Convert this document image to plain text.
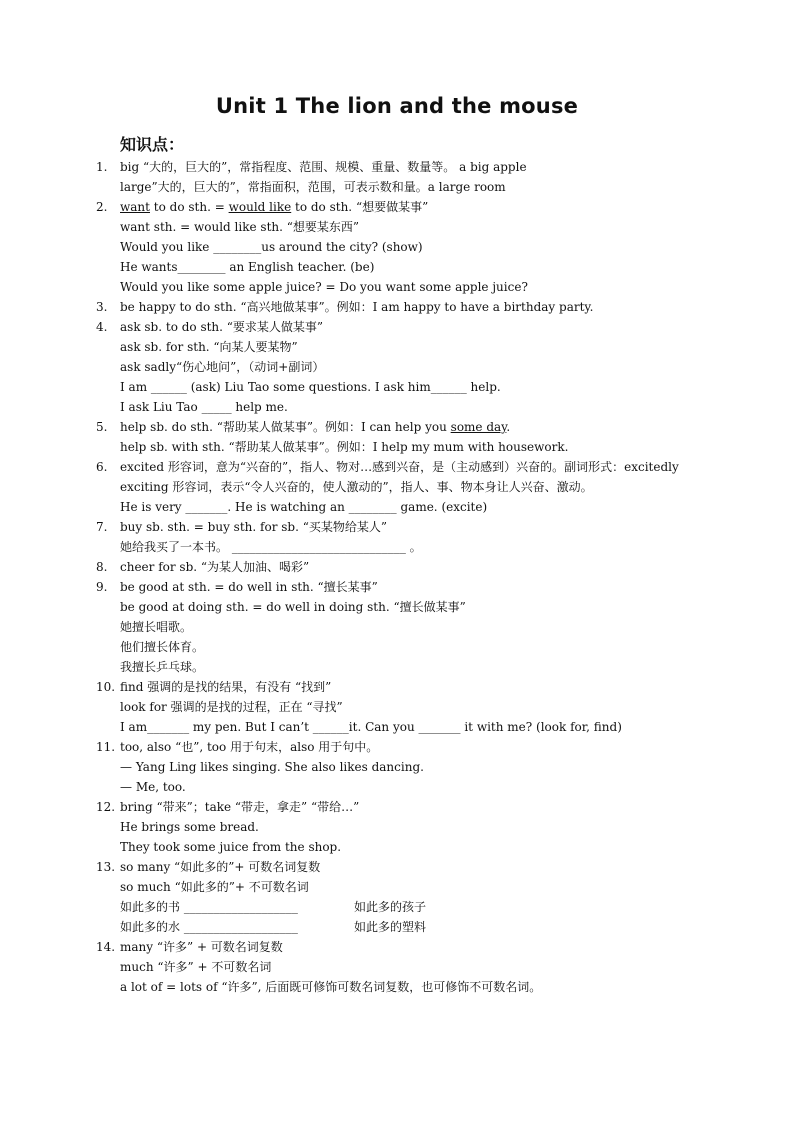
Unit 1 The lion and the mouse
知识点：
1.	big “大的，巨大的”，常指程度、范围、规模、重量、数量等。 a big apple
large”大的，巨大的”，常指面积，范围，可表示数和量。a large room
2.	want to do sth. = would like to do sth. “想要做某事”
want sth. = would like sth. “想要某东西”
Would you like ________us around the city? (show)
He wants________ an English teacher. (be)
Would you like some apple juice? = Do you want some apple juice?
3.	be happy to do sth. “高兴地做某事”。例如：I am happy to have a birthday party.
4.	ask sb. to do sth. “要求某人做某事”
ask sb. for sth. “向某人要某物”
ask sadly“伤心地问”，（动词+副词）
I am ______ (ask) Liu Tao some questions. I ask him______ help.
I ask Liu Tao _____ help me.
5.	help sb. do sth. “帮助某人做某事”。例如：I can help you some day.
help sb. with sth. “帮助某人做某事”。例如：I help my mum with housework.
6.	excited 形容词，意为“兴奋的”，指人、物对…感到兴奋，是（主动感到）兴奋的。副词形式：excitedly
exciting 形容词，表示“令人兴奋的，使人激动的”，指人、事、物本身让人兴奋、激动。
He is very _______. He is watching an ________ game. (excite)
7.	buy sb. sth. = buy sth. for sb. “买某物给某人”
她给我买了一本书。 _____________________________ 。
8.	cheer for sb. “为某人加油、喝彩”
9.	be good at sth. = do well in sth. “擅长某事”
be good at doing sth. = do well in doing sth. “擅长做某事”
她擅长唱歌。
他们擅长体育。
我擅长乒乓球。
10. find 强调的是找的结果，有没有 “找到”
look for 强调的是找的过程，正在 “寻找”
I am_______ my pen. But I can’t ______it. Can you _______ it with me? (look for, find)
11. too, also “也”, too 用于句末，also 用于句中。
— Yang Ling likes singing. She also likes dancing.
— Me, too.
12. bring “带来”；take “带走，拿走” “带给…”
He brings some bread.
They took some juice from the shop.
13. so many “如此多的”+ 可数名词复数
so much “如此多的”+ 不可数名词
如此多的书 ___________________	如此多的孩子
如此多的水 ___________________	如此多的塑料
14. many “许多” + 可数名词复数
much “许多” + 不可数名词
a lot of = lots of “许多”, 后面既可修饰可数名词复数，也可修饰不可数名词。
